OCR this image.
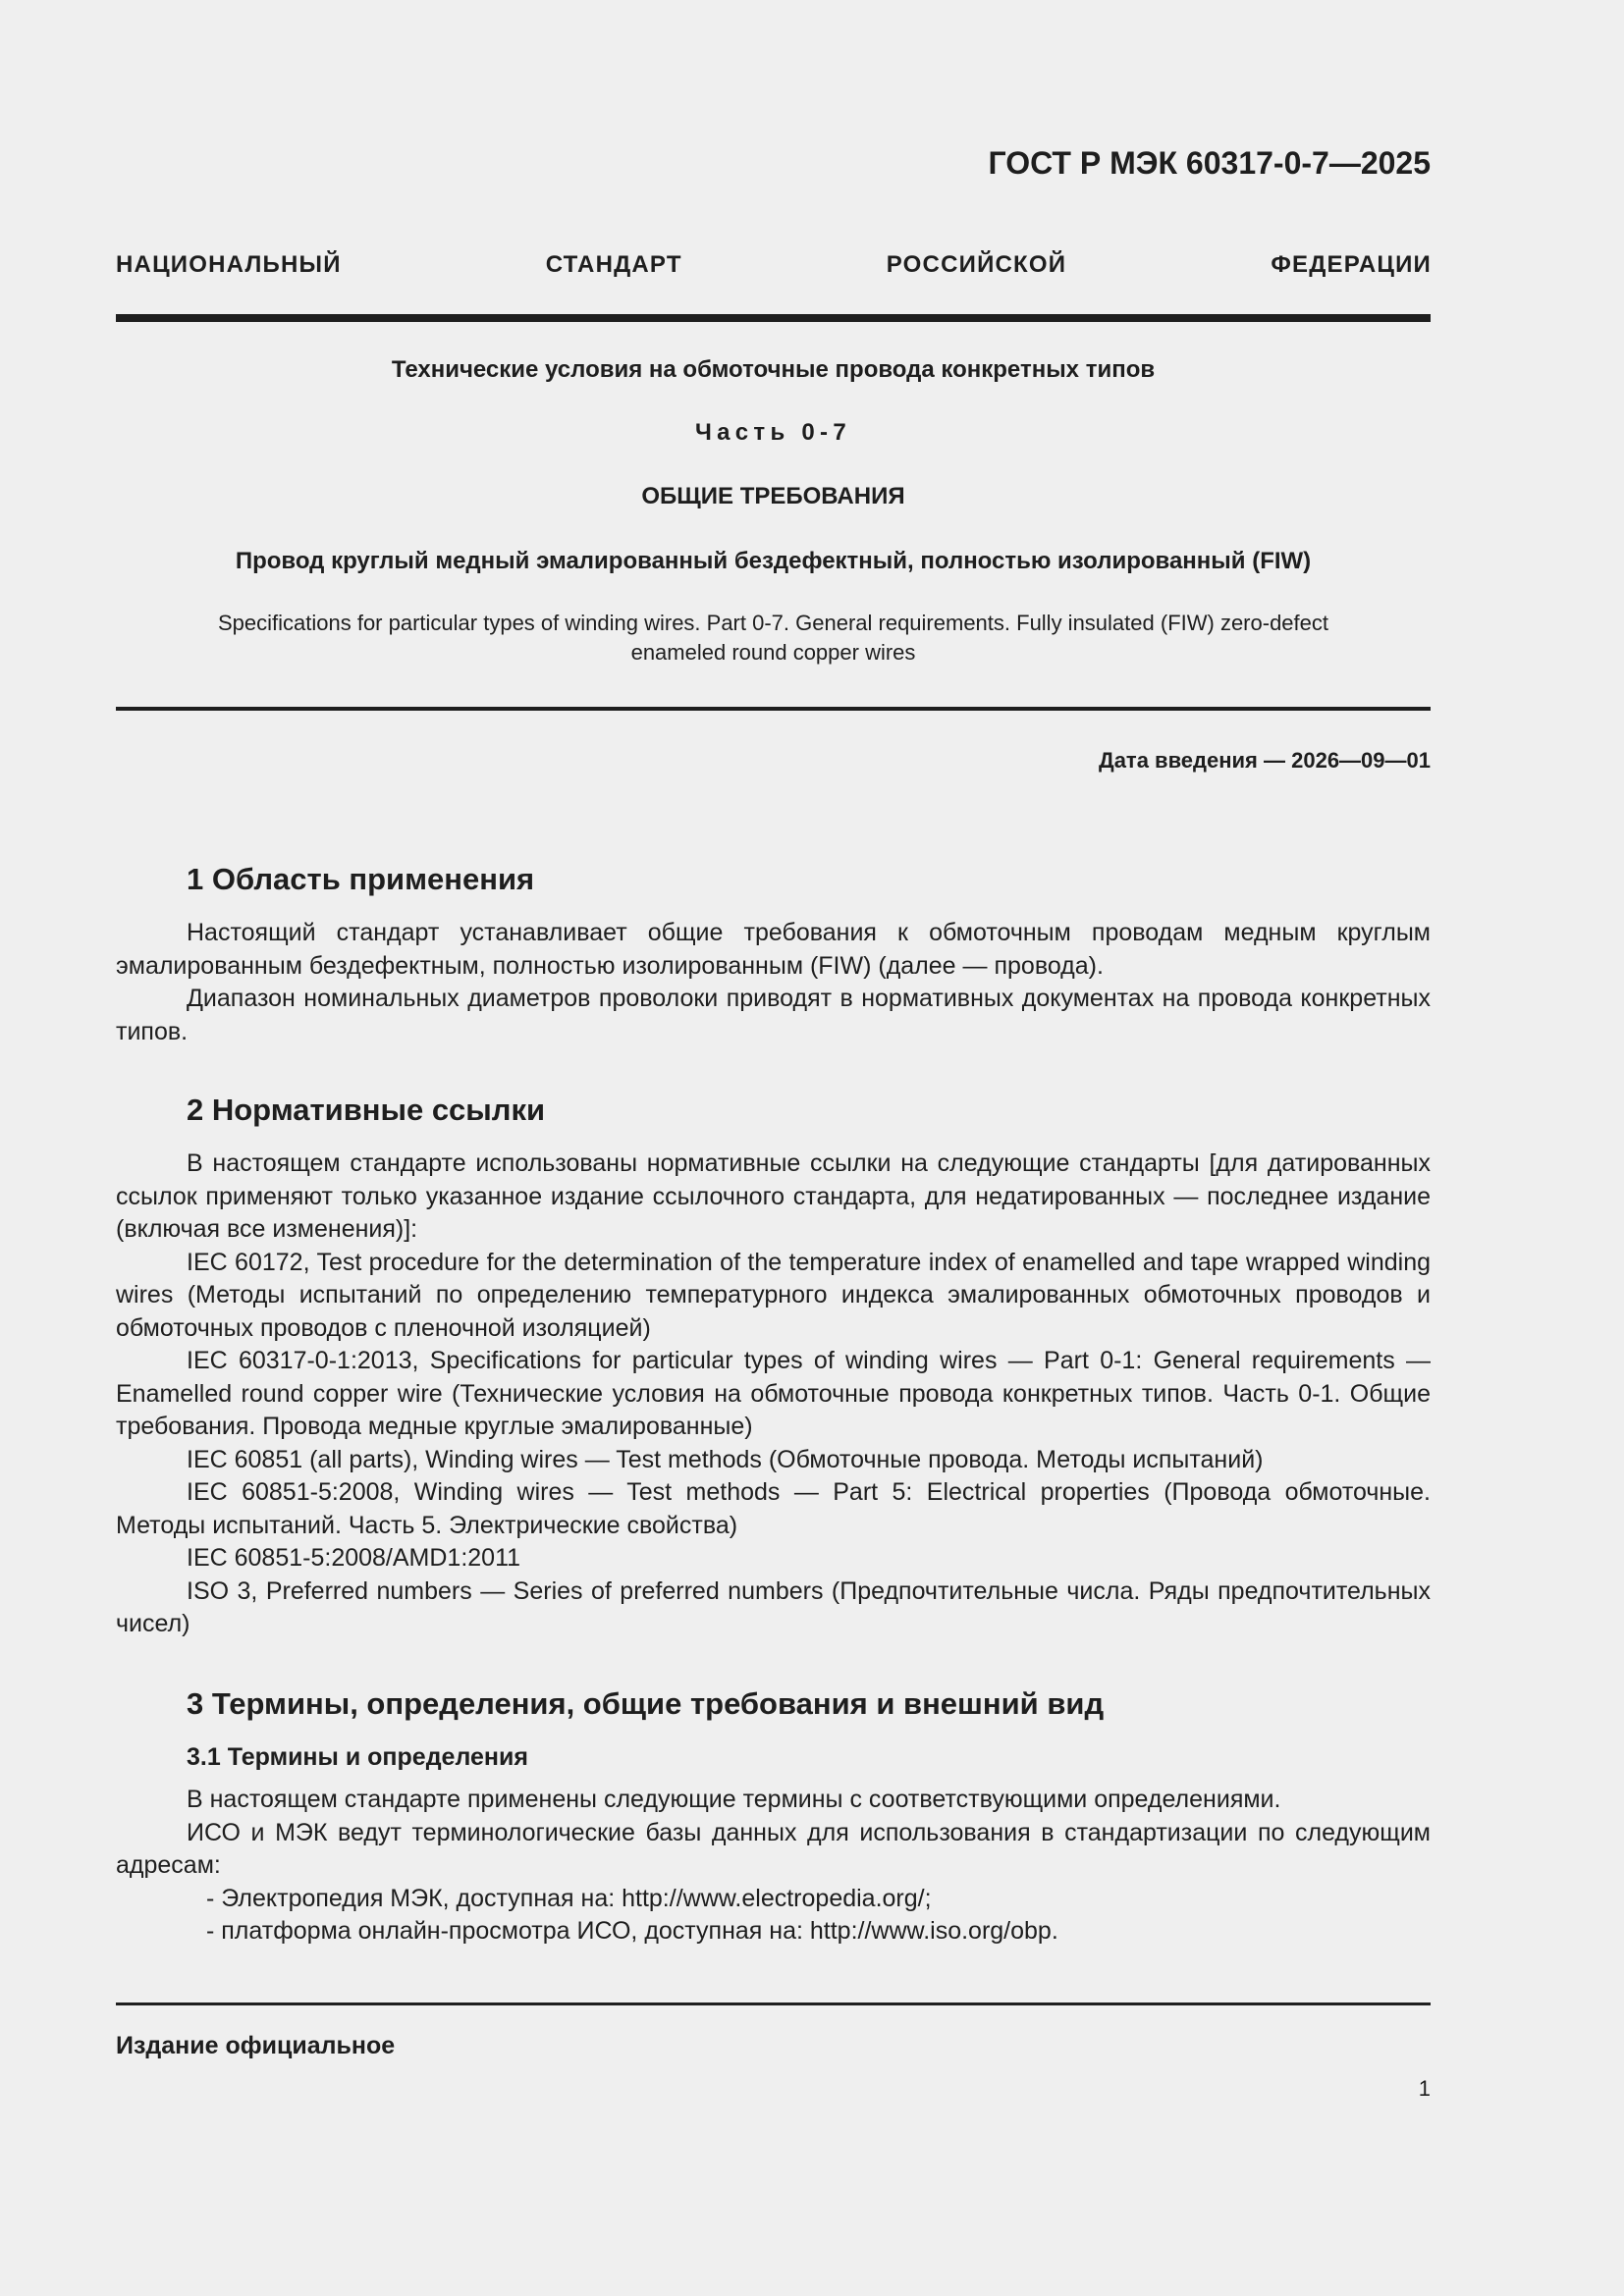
ГОСТ Р МЭК 60317-0-7—2025
НАЦИОНАЛЬНЫЙ СТАНДАРТ РОССИЙСКОЙ ФЕДЕРАЦИИ
Технические условия на обмоточные провода конкретных типов
Часть 0-7
ОБЩИЕ ТРЕБОВАНИЯ
Провод круглый медный эмалированный бездефектный, полностью изолированный (FIW)
Specifications for particular types of winding wires. Part 0-7. General requirements. Fully insulated (FIW) zero-defect
enameled round copper wires
Дата введения — 2026—09—01
1 Область применения

Настоящий стандарт устанавливает общие требования к обмоточным проводам медным круглым эмалированным бездефектным, полностью изолированным (FIW) (далее — провода).

Диапазон номинальных диаметров проволоки приводят в нормативных документах на провода конкретных типов.

2 Нормативные ссылки

В настоящем стандарте использованы нормативные ссылки на следующие стандарты [для датированных ссылок применяют только указанное издание ссылочного стандарта, для недатированных — последнее издание (включая все изменения)]:

IEC 60172, Test procedure for the determination of the temperature index of enamelled and tape wrapped winding wires (Методы испытаний по определению температурного индекса эмалированных обмоточных проводов и обмоточных проводов с пленочной изоляцией)

IEC 60317-0-1:2013, Specifications for particular types of winding wires — Part 0-1: General requirements — Enamelled round copper wire (Технические условия на обмоточные провода конкретных типов. Часть 0-1. Общие требования. Провода медные круглые эмалированные)

IEC 60851 (all parts), Winding wires — Test methods (Обмоточные провода. Методы испытаний)

IEC 60851-5:2008, Winding wires — Test methods — Part 5: Electrical properties (Провода обмоточные. Методы испытаний. Часть 5. Электрические свойства)

IEC 60851-5:2008/AMD1:2011

ISO 3, Preferred numbers — Series of preferred numbers (Предпочтительные числа. Ряды предпочтительных чисел)

3 Термины, определения, общие требования и внешний вид
3.1 Термины и определения

В настоящем стандарте применены следующие термины с соответствующими определениями.

ИСО и МЭК ведут терминологические базы данных для использования в стандартизации по следующим адресам:

- Электропедия МЭК, доступная на: http://www.electropedia.org/;

- платформа онлайн-просмотра ИСО, доступная на: http://www.iso.org/obp.

Издание официальное
1
